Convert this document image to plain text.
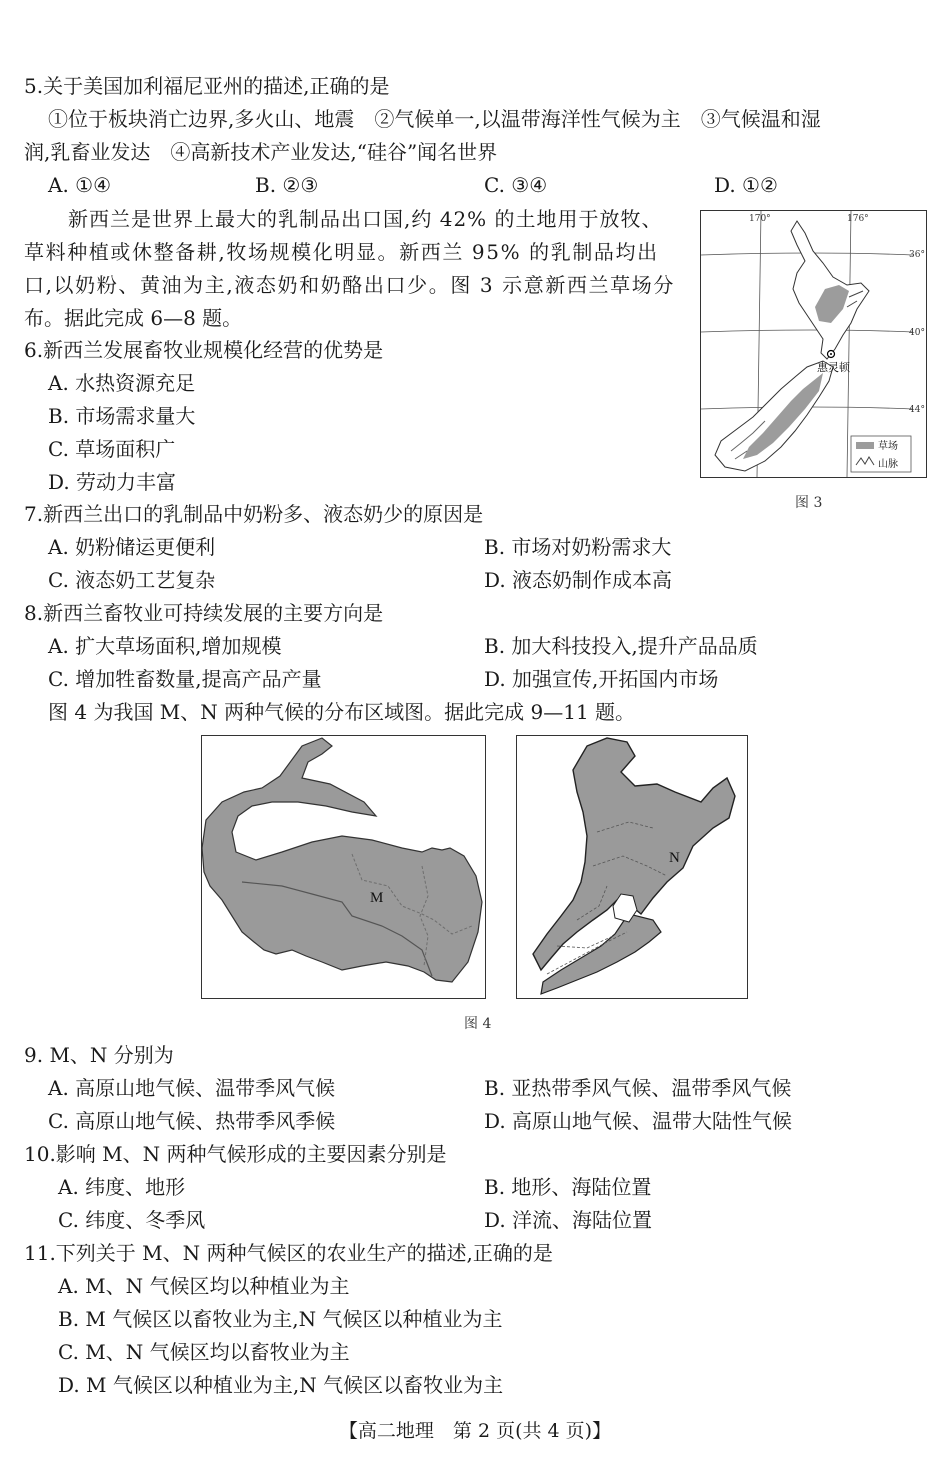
5.关于美国加利福尼亚州的描述,正确的是
①位于板块消亡边界,多火山、地震　②气候单一,以温带海洋性气候为主　③气候温和湿
润,乳畜业发达　④高新技术产业发达,“硅谷”闻名世界
A. ①④	B. ②③	C. ③④	D. ①②
新西兰是世界上最大的乳制品出口国,约 42% 的土地用于放牧、
草料种植或休整备耕,牧场规模化明显。新西兰 95% 的乳制品均出
口,以奶粉、黄油为主,液态奶和奶酪出口少。图 3 示意新西兰草场分
布。据此完成 6—8 题。
6.新西兰发展畜牧业规模化经营的优势是
A. 水热资源充足
B. 市场需求量大
C. 草场面积广
D. 劳动力丰富
170°	176°
36°
40°
44°
惠灵顿
草场
山脉
图 3
7.新西兰出口的乳制品中奶粉多、液态奶少的原因是
A. 奶粉储运更便利	B. 市场对奶粉需求大
C. 液态奶工艺复杂	D. 液态奶制作成本高
8.新西兰畜牧业可持续发展的主要方向是
A. 扩大草场面积,增加规模	B. 加大科技投入,提升产品品质
C. 增加牲畜数量,提高产品产量	D. 加强宣传,开拓国内市场
图 4 为我国 M、N 两种气候的分布区域图。据此完成 9—11 题。
M
N
图 4
9. M、N 分别为
A. 高原山地气候、温带季风气候	B. 亚热带季风气候、温带季风气候
C. 高原山地气候、热带季风季候	D. 高原山地气候、温带大陆性气候
10.影响 M、N 两种气候形成的主要因素分别是
A. 纬度、地形	B. 地形、海陆位置
C. 纬度、冬季风	D. 洋流、海陆位置
11.下列关于 M、N 两种气候区的农业生产的描述,正确的是
A. M、N 气候区均以种植业为主
B. M 气候区以畜牧业为主,N 气候区以种植业为主
C. M、N 气候区均以畜牧业为主
D. M 气候区以种植业为主,N 气候区以畜牧业为主
【高二地理　第 2 页(共 4 页)】
